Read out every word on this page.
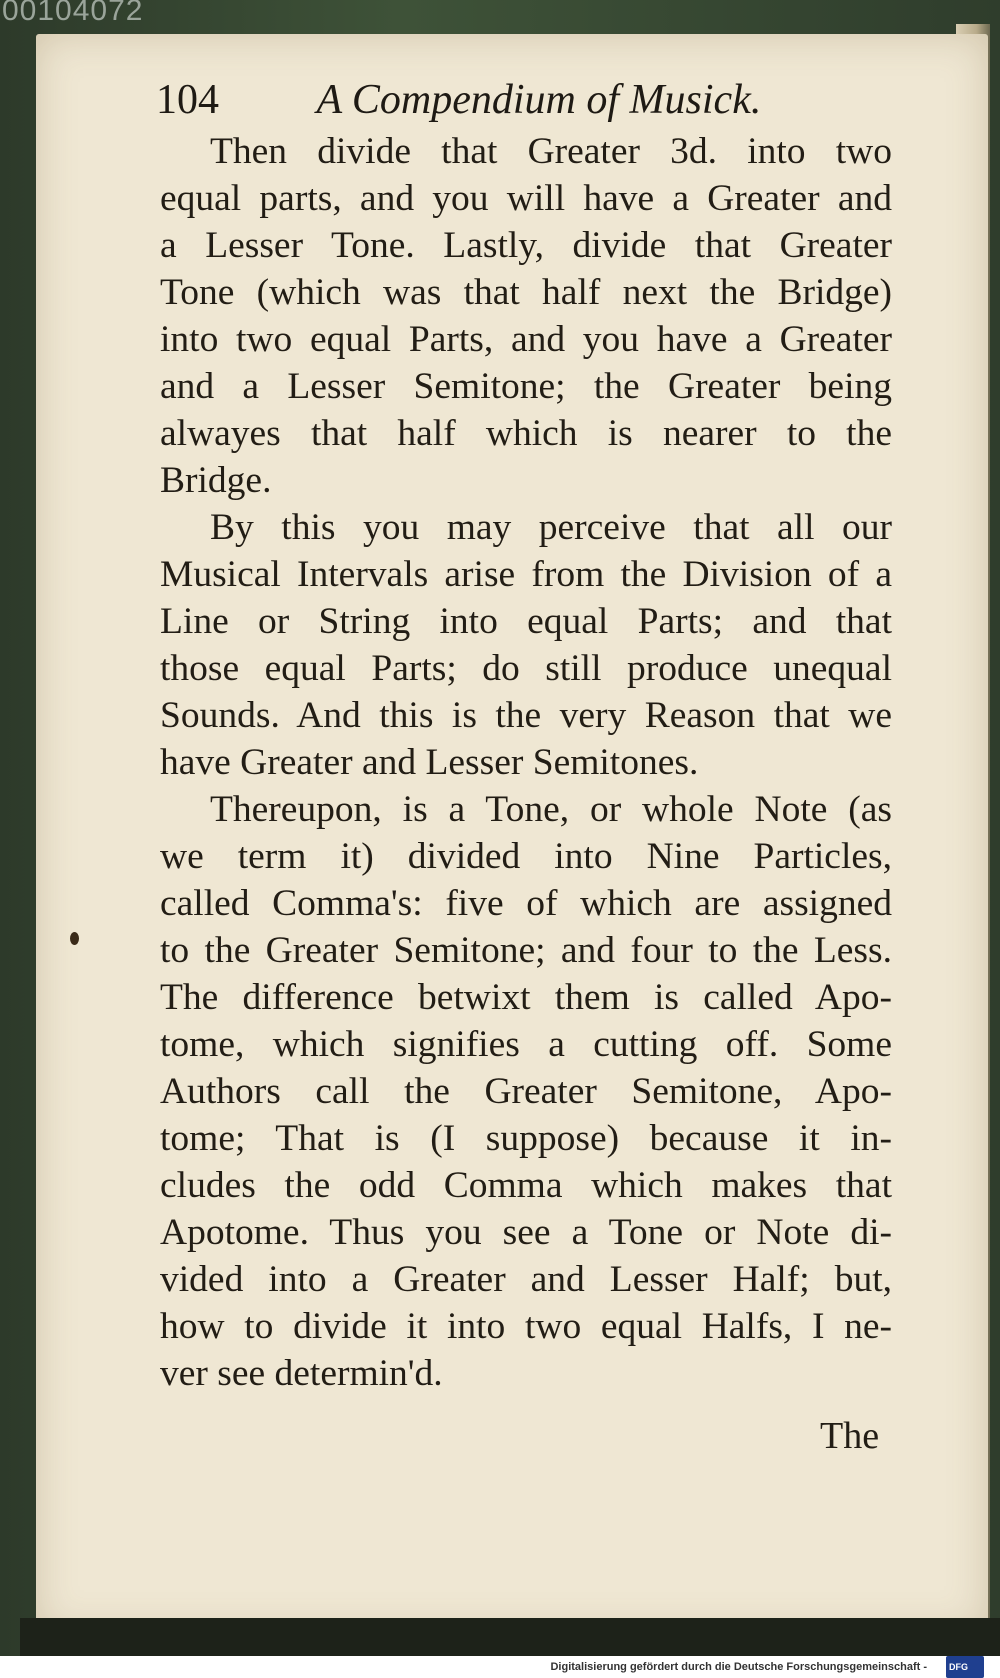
00104072
104 A Compendium of Musick.
Then divide that Greater 3d. into two
equal parts, and you will have a Greater and
a Lesser Tone. Lastly, divide that Greater
Tone (which was that half next the Bridge)
into two equal Parts, and you have a Greater
and a Lesser Semitone; the Greater being
alwayes that half which is nearer to the
Bridge.
By this you may perceive that all our
Musical Intervals arise from the Division of a
Line or String into equal Parts; and that
those equal Parts; do still produce unequal
Sounds. And this is the very Reason that we
have Greater and Lesser Semitones.
Thereupon, is a Tone, or whole Note (as
we term it) divided into Nine Particles,
called Comma's: five of which are assigned
to the Greater Semitone; and four to the Less.
The difference betwixt them is called Apo-
tome, which signifies a cutting off. Some
Authors call the Greater Semitone, Apo-
tome; That is (I suppose) because it in-
cludes the odd Comma which makes that
Apotome. Thus you see a Tone or Note di-
vided into a Greater and Lesser Half; but,
how to divide it into two equal Halfs, I ne-
ver see determin'd.
The
Digitalisierung gefördert durch die Deutsche Forschungsgemeinschaft - DFG
